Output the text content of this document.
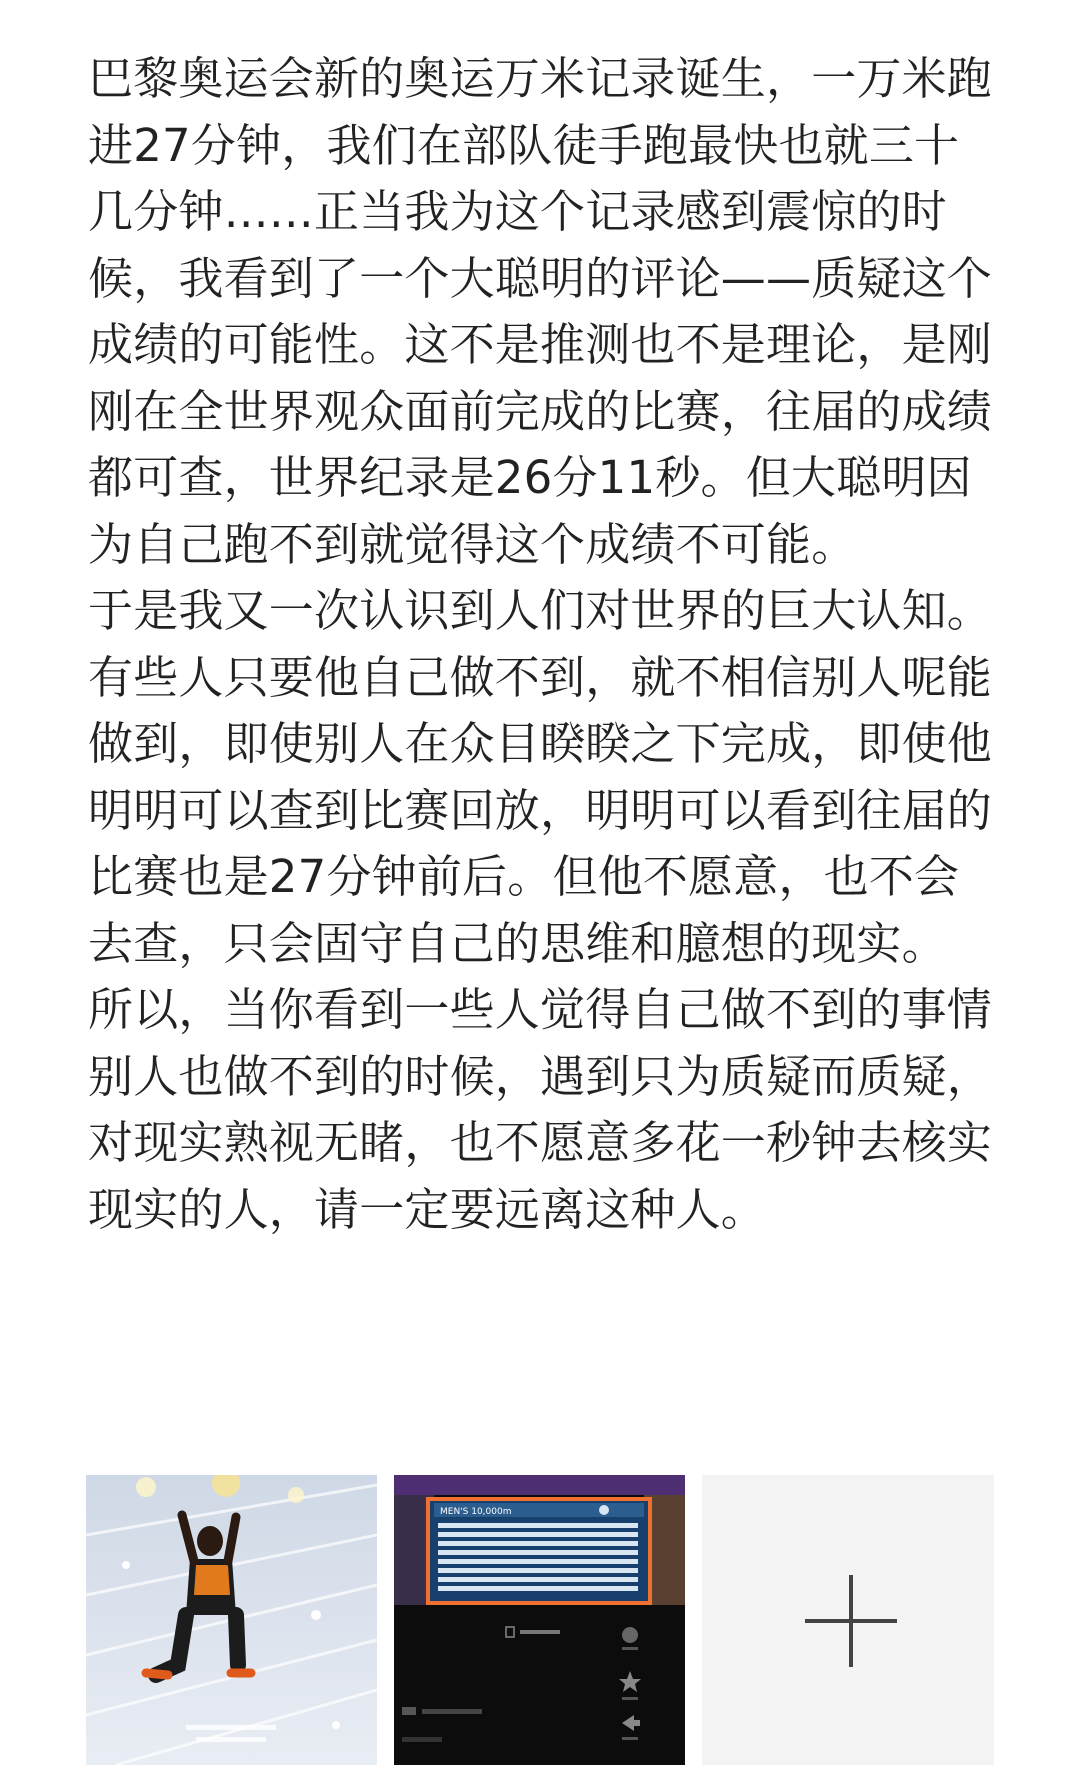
巴黎奥运会新的奥运万米记录诞生，一万米跑进27分钟，我们在部队徒手跑最快也就三十几分钟……正当我为这个记录感到震惊的时候，我看到了一个大聪明的评论——质疑这个成绩的可能性。这不是推测也不是理论，是刚刚在全世界观众面前完成的比赛，往届的成绩都可查，世界纪录是26分11秒。但大聪明因为自己跑不到就觉得这个成绩不可能。

于是我又一次认识到人们对世界的巨大认知。有些人只要他自己做不到，就不相信别人呢能做到，即使别人在众目睽睽之下完成，即使他明明可以查到比赛回放，明明可以看到往届的比赛也是27分钟前后。但他不愿意，也不会去查，只会固守自己的思维和臆想的现实。

所以，当你看到一些人觉得自己做不到的事情别人也做不到的时候，遇到只为质疑而质疑，对现实熟视无睹，也不愿意多花一秒钟去核实现实的人，请一定要远离这种人。

MEN'S 10,000m
